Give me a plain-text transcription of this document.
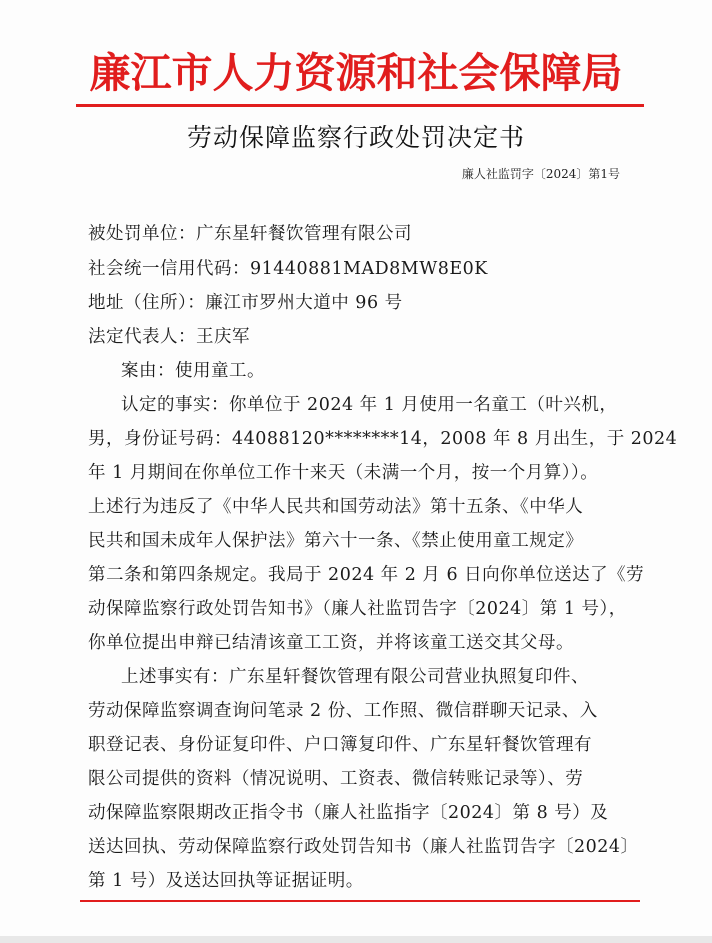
廉江市人力资源和社会保障局
劳动保障监察行政处罚决定书
廉人社监罚字〔2024〕第1号
被处罚单位：广东星轩餐饮管理有限公司
社会统一信用代码：91440881MAD8MW8E0K
地址（住所）：廉江市罗州大道中 96 号
法定代表人：王庆军
案由：使用童工。
认定的事实：你单位于 2024 年 1 月使用一名童工（叶兴机，
男，身份证号码：44088120********14，2008 年 8 月出生，于 2024
年 1 月期间在你单位工作十来天（未满一个月，按一个月算））。
上述行为违反了《中华人民共和国劳动法》第十五条、《中华人
民共和国未成年人保护法》第六十一条、《禁止使用童工规定》
第二条和第四条规定。我局于 2024 年 2 月 6 日向你单位送达了《劳
动保障监察行政处罚告知书》（廉人社监罚告字〔2024〕第 1 号），
你单位提出申辩已结清该童工工资，并将该童工送交其父母。
上述事实有：广东星轩餐饮管理有限公司营业执照复印件、
劳动保障监察调查询问笔录 2 份、工作照、微信群聊天记录、入
职登记表、身份证复印件、户口簿复印件、广东星轩餐饮管理有
限公司提供的资料（情况说明、工资表、微信转账记录等）、劳
动保障监察限期改正指令书（廉人社监指字〔2024〕第 8 号）及
送达回执、劳动保障监察行政处罚告知书（廉人社监罚告字〔2024〕
第 1 号）及送达回执等证据证明。
